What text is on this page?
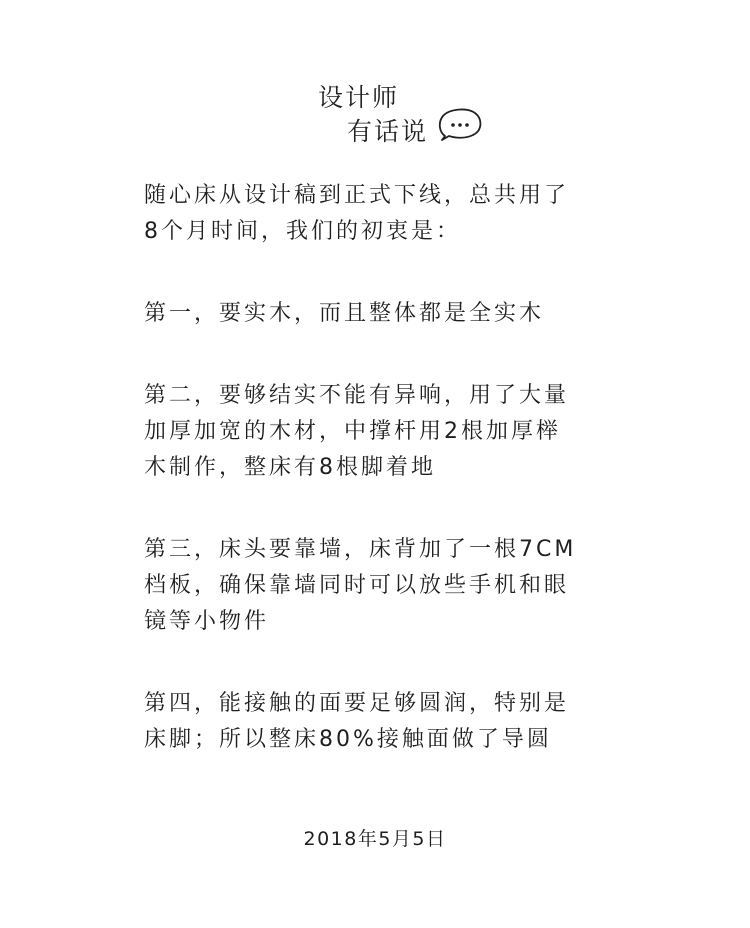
设计师
有话说
随心床从设计稿到正式下线，总共用了
8个月时间，我们的初衷是：
第一，要实木，而且整体都是全实木
第二，要够结实不能有异响，用了大量
加厚加宽的木材，中撑杆用2根加厚榉
木制作，整床有8根脚着地
第三，床头要靠墙，床背加了一根7CM
档板，确保靠墙同时可以放些手机和眼
镜等小物件
第四，能接触的面要足够圆润，特别是
床脚；所以整床80%接触面做了导圆
2018年5月5日
